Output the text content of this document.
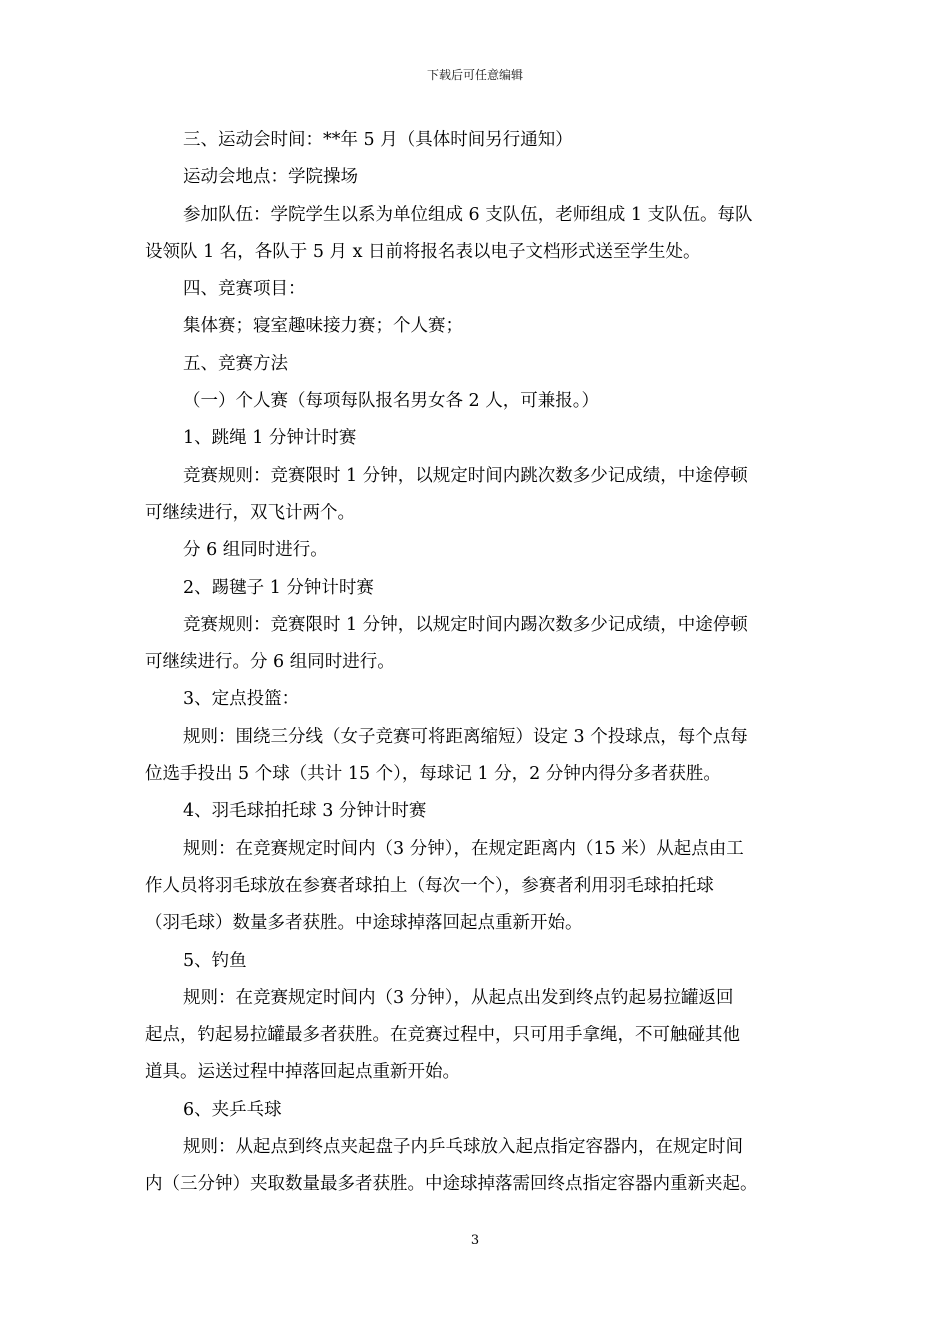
下载后可任意编辑
三、运动会时间：**年 5 月（具体时间另行通知）
运动会地点：学院操场
参加队伍：学院学生以系为单位组成 6 支队伍，老师组成 1 支队伍。每队
设领队 1 名，各队于 5 月 x 日前将报名表以电子文档形式送至学生处。
四、竞赛项目：
集体赛；寝室趣味接力赛；个人赛；
五、竞赛方法
（一）个人赛（每项每队报名男女各 2 人，可兼报。）
1、跳绳 1 分钟计时赛
竞赛规则：竞赛限时 1 分钟，以规定时间内跳次数多少记成绩，中途停顿
可继续进行，双飞计两个。
分 6 组同时进行。
2、踢毽子 1 分钟计时赛
竞赛规则：竞赛限时 1 分钟，以规定时间内踢次数多少记成绩，中途停顿
可继续进行。分 6 组同时进行。
3、定点投篮：
规则：围绕三分线（女子竞赛可将距离缩短）设定 3 个投球点，每个点每
位选手投出 5 个球（共计 15 个），每球记 1 分，2 分钟内得分多者获胜。
4、羽毛球拍托球 3 分钟计时赛
规则：在竞赛规定时间内（3 分钟），在规定距离内（15 米）从起点由工
作人员将羽毛球放在参赛者球拍上（每次一个），参赛者利用羽毛球拍托球
（羽毛球）数量多者获胜。中途球掉落回起点重新开始。
5、钓鱼
规则：在竞赛规定时间内（3 分钟），从起点出发到终点钓起易拉罐返回
起点，钓起易拉罐最多者获胜。在竞赛过程中，只可用手拿绳，不可触碰其他
道具。运送过程中掉落回起点重新开始。
6、夹乒乓球
规则：从起点到终点夹起盘子内乒乓球放入起点指定容器内，在规定时间
内（三分钟）夹取数量最多者获胜。中途球掉落需回终点指定容器内重新夹起。
3
